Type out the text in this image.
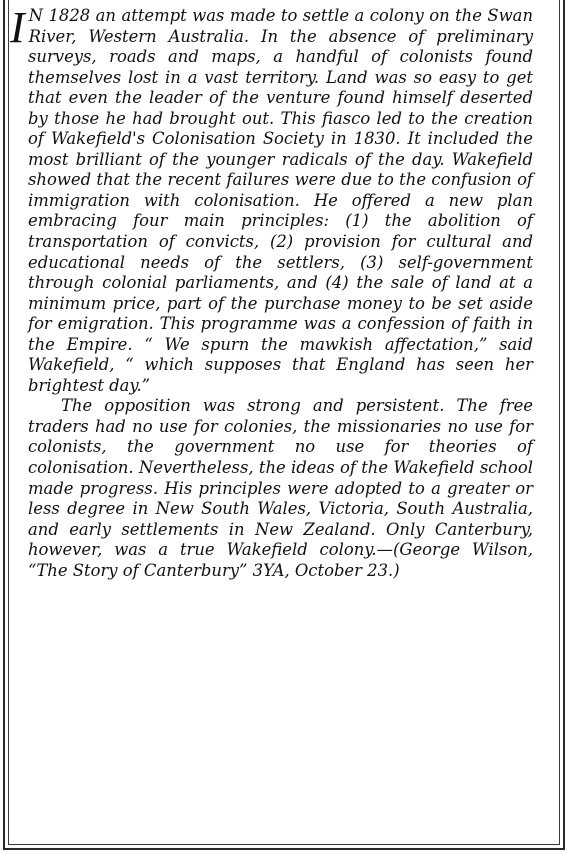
I N 1828 an attempt was made to settle a colony on the Swan River, Western Australia. In the absence of preliminary surveys, roads and maps, a handful of colonists found themselves lost in a vast territory. Land was so easy to get that even the leader of the venture found himself deserted by those he had brought out. This fiasco led to the creation of Wakefield's Colonisation Society in 1830. It included the most brilliant of the younger radicals of the day. Wakefield showed that the recent failures were due to the confusion of immigration with colonisation. He offered a new plan embracing four main principles: (1) the abolition of transportation of convicts, (2) provision for cultural and educational needs of the settlers, (3) self-government through colonial parliaments, and (4) the sale of land at a minimum price, part of the purchase money to be set aside for emigration. This programme was a confession of faith in the Empire. “ We spurn the mawkish affectation,” said Wakefield, “ which supposes that England has seen her brightest day.”

The opposition was strong and persistent. The free traders had no use for colonies, the missionaries no use for colonists, the government no use for theories of colonisation. Nevertheless, the ideas of the Wakefield school made progress. His principles were adopted to a greater or less degree in New South Wales, Victoria, South Australia, and early settlements in New Zealand. Only Canterbury, however, was a true Wakefield colony.—(George Wilson, “The Story of Canterbury” 3YA, October 23.)
